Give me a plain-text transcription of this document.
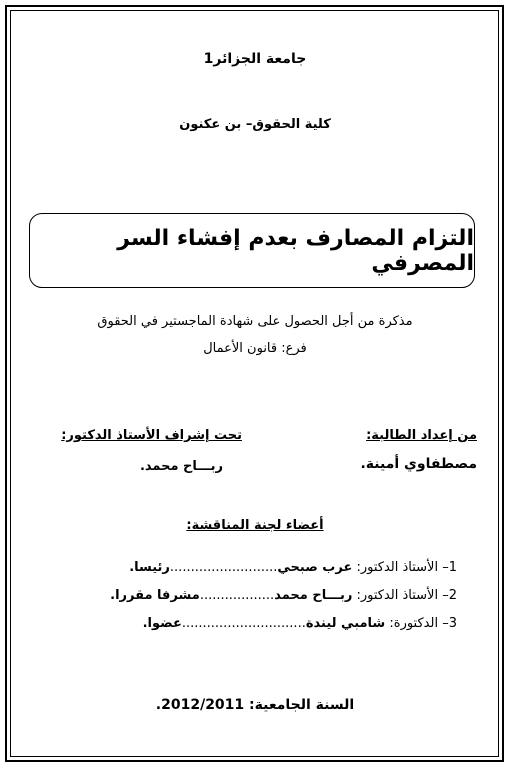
جامعة الجزائر1
كلية الحقوق– بن عكنون
التزام المصارف بعدم إفشاء السر المصرفي
مذكرة من أجل الحصول على شهادة الماجستير في الحقوق
فرع: قانون الأعمال
من إعداد الطالبة:
مصطفاوي أمينة.
تحت إشراف الأستاذ الدكتور:
ربـــاح محمد.
أعضاء لجنة المناقشة:
1– الأستاذ الدكتور: عرب صبحي..........................رئيسا.
2– الأستاذ الدكتور: ربـــاح محمد..................مشرفا مقررا.
3– الدكتورة: شامبي ليندة..............................عضوا.
السنة الجامعية: 2012/2011.
